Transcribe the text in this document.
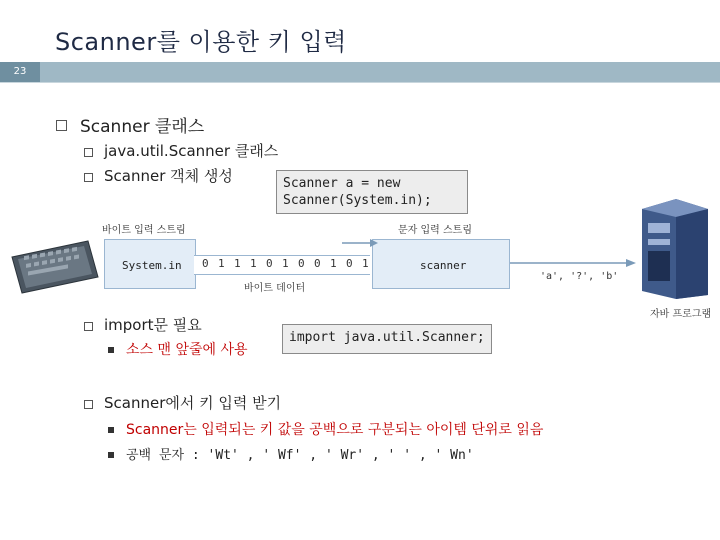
Scanner를 이용한 키 입력
23
Scanner 클래스
java.util.Scanner 클래스
Scanner 객체 생성	Scanner a = new
Scanner(System.in);
바이트 입력 스트림	문자 입력 스트림
System.in 0 1 1 1 0 1 0 0 1 0 1	scanner
바이트 데이터
'a', '?', 'b'
자바 프로그램
import문 필요
소스 맨 앞줄에 사용
import java.util.Scanner;
Scanner에서 키 입력 받기
Scanner는 입력되는 키 값을 공백으로 구분되는 아이템 단위로 읽음
공백 문자 : 'Wt' , ' Wf' , ' Wr' , ' ' , ' Wn'
